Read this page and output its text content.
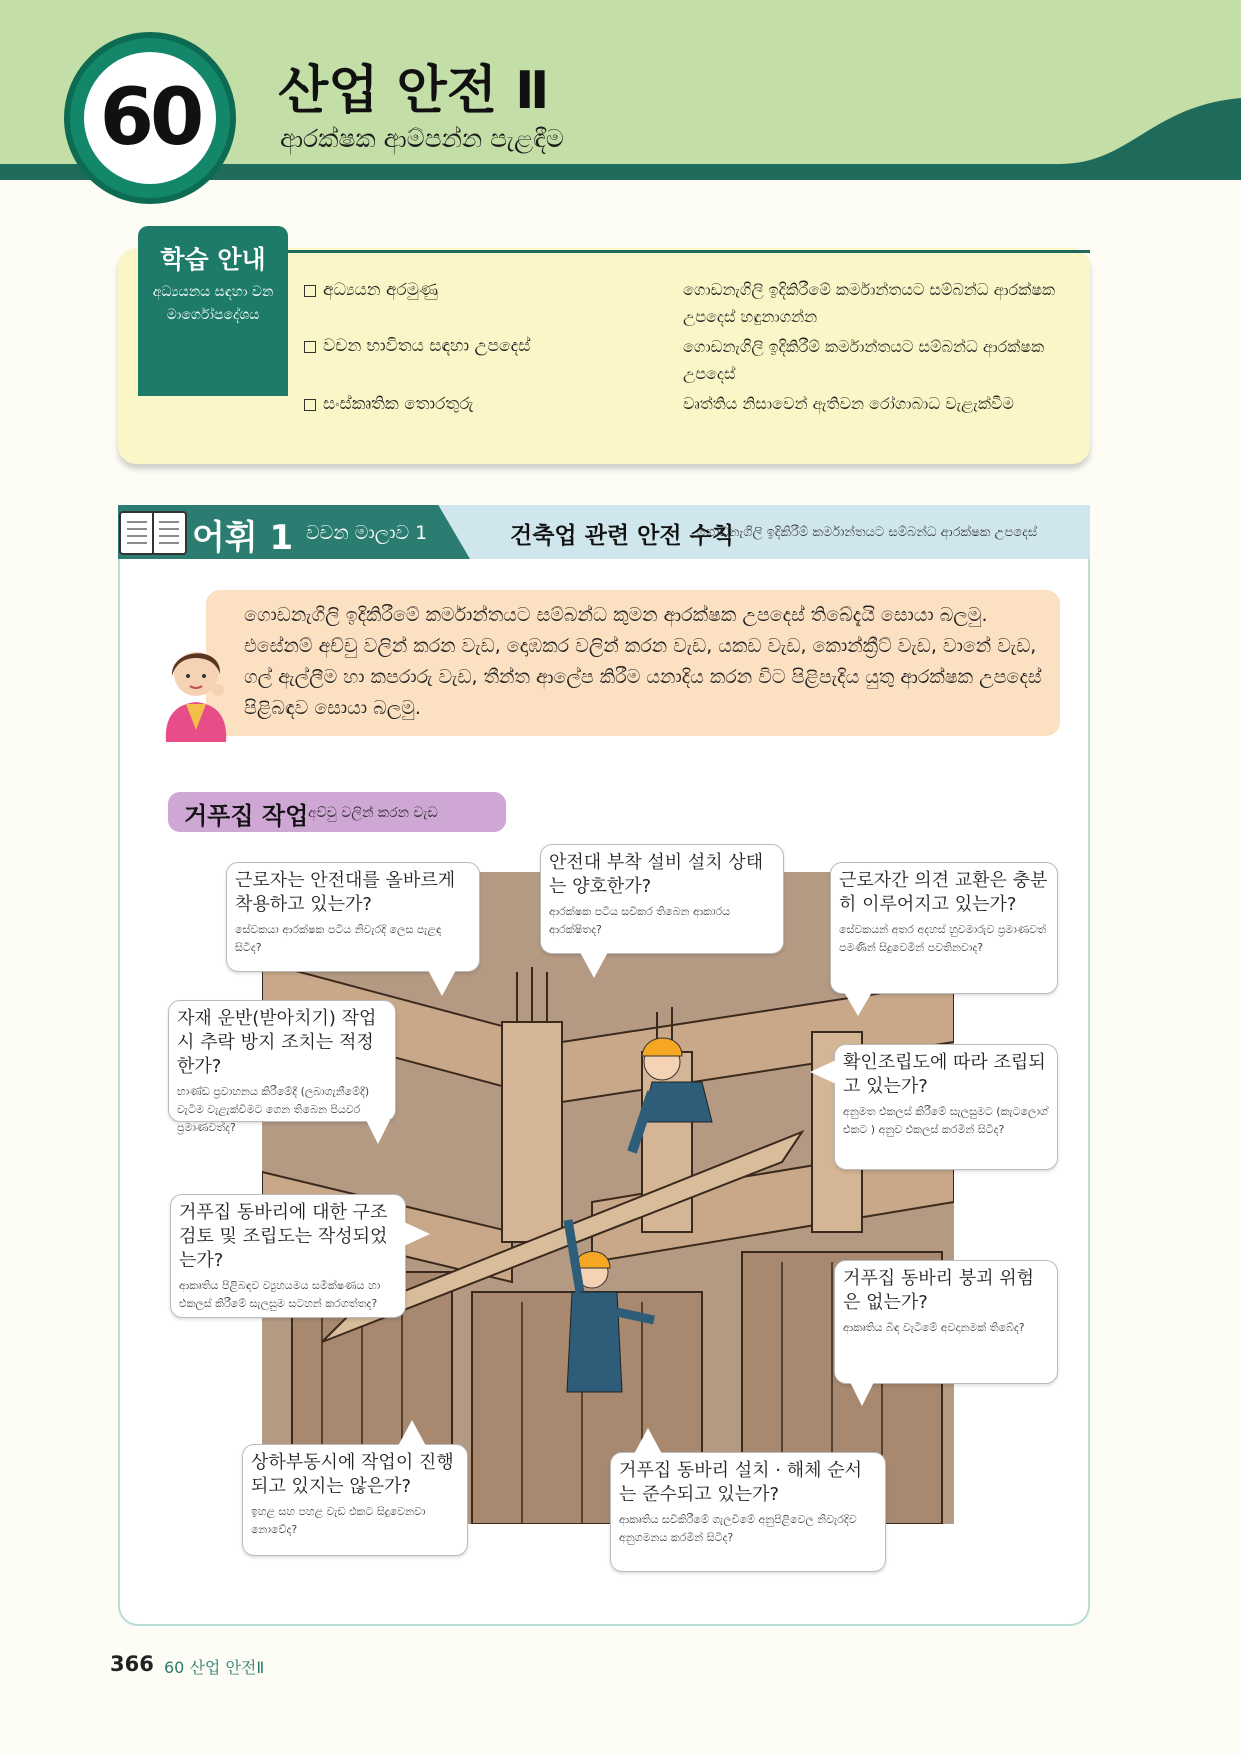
60 산업 안전 Ⅱ
ආරක්ෂක ආම්පන්න පැළඳීම
학습 안내
අධ්‍යයනය සඳහා වන මාර්ගෝපදේශය
අධ්‍යයන අරමුණු	ගොඩනැගිලි ඉදිකිරීමේ කර්මාන්තයට සම්බන්ධ ආරක්ෂක උපදෙස් හඳුනාගන්න
වචන භාවිතය සඳහා උපදෙස්	ගොඩනැගිලි ඉදිකිරීම් කර්මාන්තයට සම්බන්ධ ආරක්ෂක උපදෙස්
සංස්කෘතික තොරතුරු	වෘත්තිය නිසාවෙන් ඇතිවන රෝගාබාධ වැළැක්වීම
어휘 1 වචන මාලාව 1	건축업 관련 안전 수칙
ගොඩනැගිලි ඉදිකිරීම් කර්මාන්තයට සම්බන්ධ ආරක්ෂක උපදෙස්
ගොඩනැගිලි ඉදිකිරීමේ කර්මාන්තයට සම්බන්ධ කුමන ආරක්ෂක උපදෙස් තිබේදැයි සොයා බලමු. එසේනම් අච්චු වලින් කරන වැඩ, දොඹකර වලින් කරන වැඩ, යකඩ වැඩ, කොන්ක්‍රීට් වැඩ, වානේ වැඩ, ගල් ඇල්ලීම හා කපරාරු වැඩ, තීන්ත ආලේප කිරීම යනාදිය කරන විට පිළිපැදිය යුතු ආරක්ෂක උපදෙස් පිළිබඳව සොයා බලමු.
거푸집 작업 අච්චු වලින් කරන වැඩ
근로자는 안전대를 올바르게 착용하고 있는가?
සේවකයා ආරක්ෂක පටිය නිවැරදි ලෙස පැළඳ සිටීද?
안전대 부착 설비 설치 상태는 양호한가?
ආරක්ෂක පටිය සවිකර තිබෙන ආකාරය ආරක්ෂිතද?
근로자간 의견 교환은 충분히 이루어지고 있는가?
සේවකයන් අතර අදහස් හුවමාරුව ප්‍රමාණවත් පමණින් සිදුවෙමින් පවතිනවාද?
자재 운반(받아치기) 작업시 추락 방지 조치는 적정한가?
භාණ්ඩ ප්‍රවාහනය කිරීමේදී (ලබාගැනීමේදී) වැටීම වැළැක්වීමට ගෙන තිබෙන පියවර ප්‍රමාණවත්ද?
확인조립도에 따라 조립되고 있는가?
අනුමත එකලස් කිරීමේ සැලසුමට (කැටලොග් එකට ) අනුව එකලස් කරමින් සිටීද?
거푸집 동바리에 대한 구조 검토 및 조립도는 작성되었는가?
ආකෘතිය පිළිබඳව ව්‍යුහයමය සමීක්ෂණය හා එකලස් කිරීමේ සැලසුම සටහන් කරගත්තද?
거푸집 동바리 붕괴 위험은 없는가?
ආකෘතිය බිඳ වැටීමේ අවදානමක් තිබේද?
상하부동시에 작업이 진행되고 있지는 않은가?
ඉහළ සහ පහළ වැඩ එකට සිදුවෙනවා නොවේද?
거푸집 동바리 설치 · 해체 순서는 준수되고 있는가?
ආකෘතිය සවිකිරීමේ ගැලවීමේ අනුපිළිවෙල නිවැරදිව අනුගමනය කරමින් සිටීද?
366 60 산업 안전Ⅱ
